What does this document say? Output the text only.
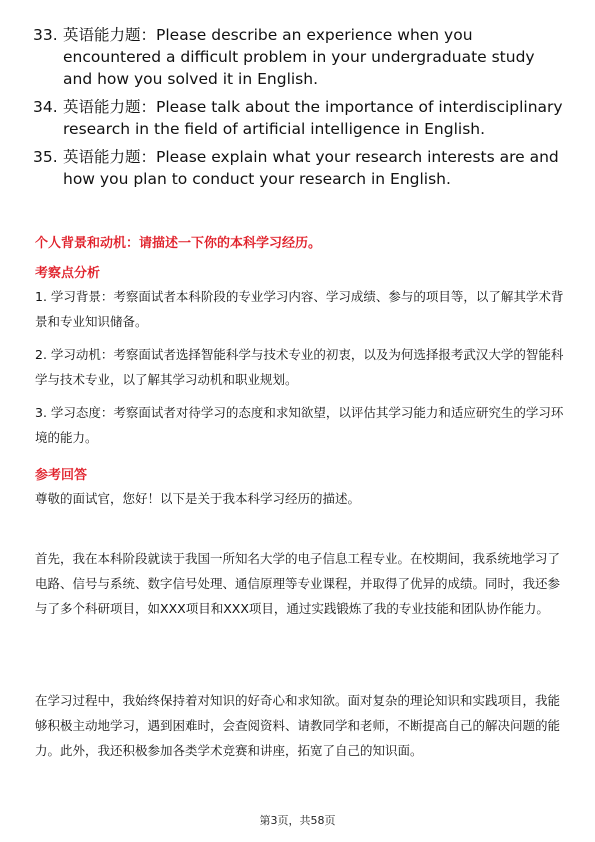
33. 英语能力题：Please describe an experience when you encountered a difficult problem in your undergraduate study and how you solved it in English.
34. 英语能力题：Please talk about the importance of interdisciplinary research in the field of artificial intelligence in English.
35. 英语能力题：Please explain what your research interests are and how you plan to conduct your research in English.

个人背景和动机：请描述一下你的本科学习经历。

考察点分析

1. 学习背景：考察面试者本科阶段的专业学习内容、学习成绩、参与的项目等，以了解其学术背景和专业知识储备。

2. 学习动机：考察面试者选择智能科学与技术专业的初衷，以及为何选择报考武汉大学的智能科学与技术专业，以了解其学习动机和职业规划。

3. 学习态度：考察面试者对待学习的态度和求知欲望，以评估其学习能力和适应研究生的学习环境的能力。

参考回答

尊敬的面试官，您好！以下是关于我本科学习经历的描述。

首先，我在本科阶段就读于我国一所知名大学的电子信息工程专业。在校期间，我系统地学习了电路、信号与系统、数字信号处理、通信原理等专业课程，并取得了优异的成绩。同时，我还参与了多个科研项目，如XXX项目和XXX项目，通过实践锻炼了我的专业技能和团队协作能力。

在学习过程中，我始终保持着对知识的好奇心和求知欲。面对复杂的理论知识和实践项目，我能够积极主动地学习，遇到困难时，会查阅资料、请教同学和老师，不断提高自己的解决问题的能力。此外，我还积极参加各类学术竞赛和讲座，拓宽了自己的知识面。

第3页，共58页
